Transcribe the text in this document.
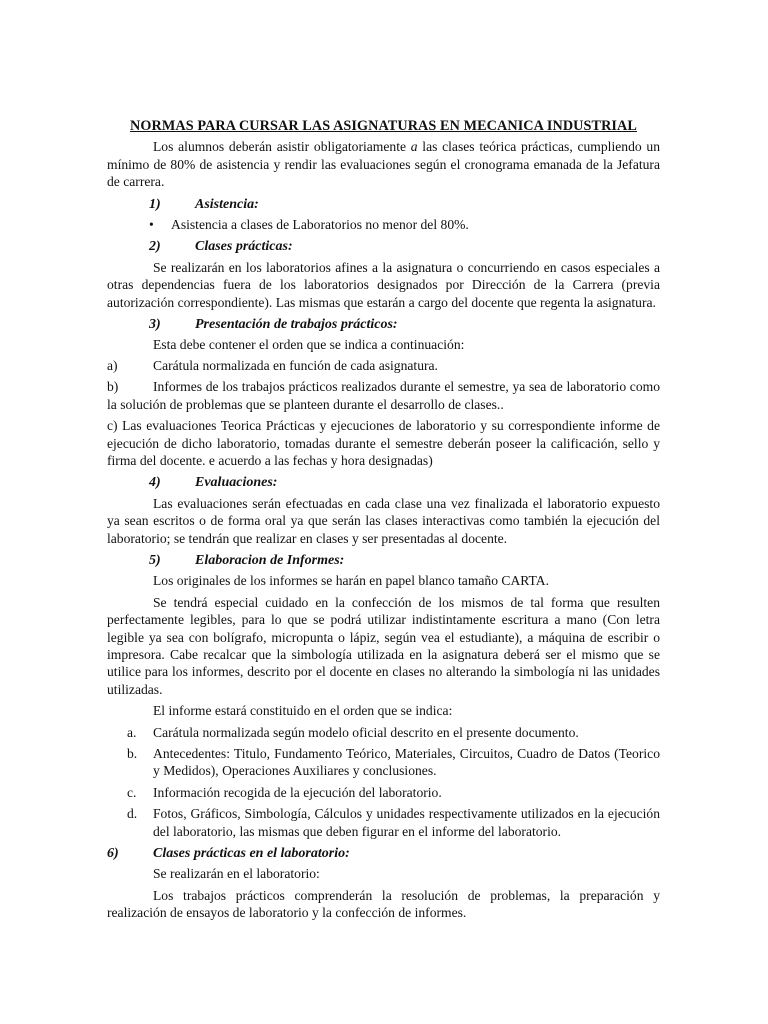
NORMAS PARA CURSAR LAS ASIGNATURAS EN MECANICA INDUSTRIAL

Los alumnos deberán asistir obligatoriamente a las clases teórica prácticas, cumpliendo un mínimo de 80% de asistencia y rendir las evaluaciones según el cronograma emanada de la Jefatura de carrera.

1)	Asistencia:
•	Asistencia a clases de Laboratorios no menor del 80%.
2)	Clases prácticas:

Se realizarán en los laboratorios afines a la asignatura o concurriendo en casos especiales a otras dependencias fuera de los laboratorios designados por Dirección de la Carrera (previa autorización correspondiente). Las mismas que estarán a cargo del docente que regenta la asignatura.

3)	Presentación de trabajos prácticos:

Esta debe contener el orden que se indica a continuación:

a)	Carátula normalizada en función de cada asignatura.

b)	Informes de los trabajos prácticos realizados durante el semestre, ya sea de laboratorio como la solución de problemas que se planteen durante el desarrollo de clases..

c) Las evaluaciones Teorica Prácticas y ejecuciones de laboratorio y su correspondiente informe de ejecución de dicho laboratorio, tomadas durante el semestre deberán poseer la calificación, sello y firma del docente. e acuerdo a las fechas y hora designadas)

4)	Evaluaciones:

Las evaluaciones serán efectuadas en cada clase una vez finalizada el laboratorio expuesto ya sean escritos o de forma oral ya que serán las clases interactivas como también la ejecución del laboratorio; se tendrán que realizar en clases y ser presentadas al docente.

5)	Elaboracion de Informes:

Los originales de los informes se harán en papel blanco tamaño CARTA.

Se tendrá especial cuidado en la confección de los mismos de tal forma que resulten perfectamente legibles, para lo que se podrá utilizar indistintamente escritura a mano (Con letra legible ya sea con bolígrafo, micropunta o lápiz, según vea el estudiante), a máquina de escribir o impresora. Cabe recalcar que la simbología utilizada en la asignatura deberá ser el mismo que se utilice para los informes, descrito por el docente en clases no alterando la simbología ni las unidades utilizadas.

El informe estará constituido en el orden que se indica:

a.	Carátula normalizada según modelo oficial descrito en el presente documento.
b.	Antecedentes: Titulo, Fundamento Teórico, Materiales, Circuitos, Cuadro de Datos (Teorico y Medidos), Operaciones Auxiliares y conclusiones.
c.	Información recogida de la ejecución del laboratorio.
d.	Fotos, Gráficos, Simbología, Cálculos y unidades respectivamente utilizados en la ejecución del laboratorio, las mismas que deben figurar en el informe del laboratorio.
6)	Clases prácticas en el laboratorio:

Se realizarán en el laboratorio:

Los trabajos prácticos comprenderán la resolución de problemas, la preparación y realización de ensayos de laboratorio y la confección de informes.
